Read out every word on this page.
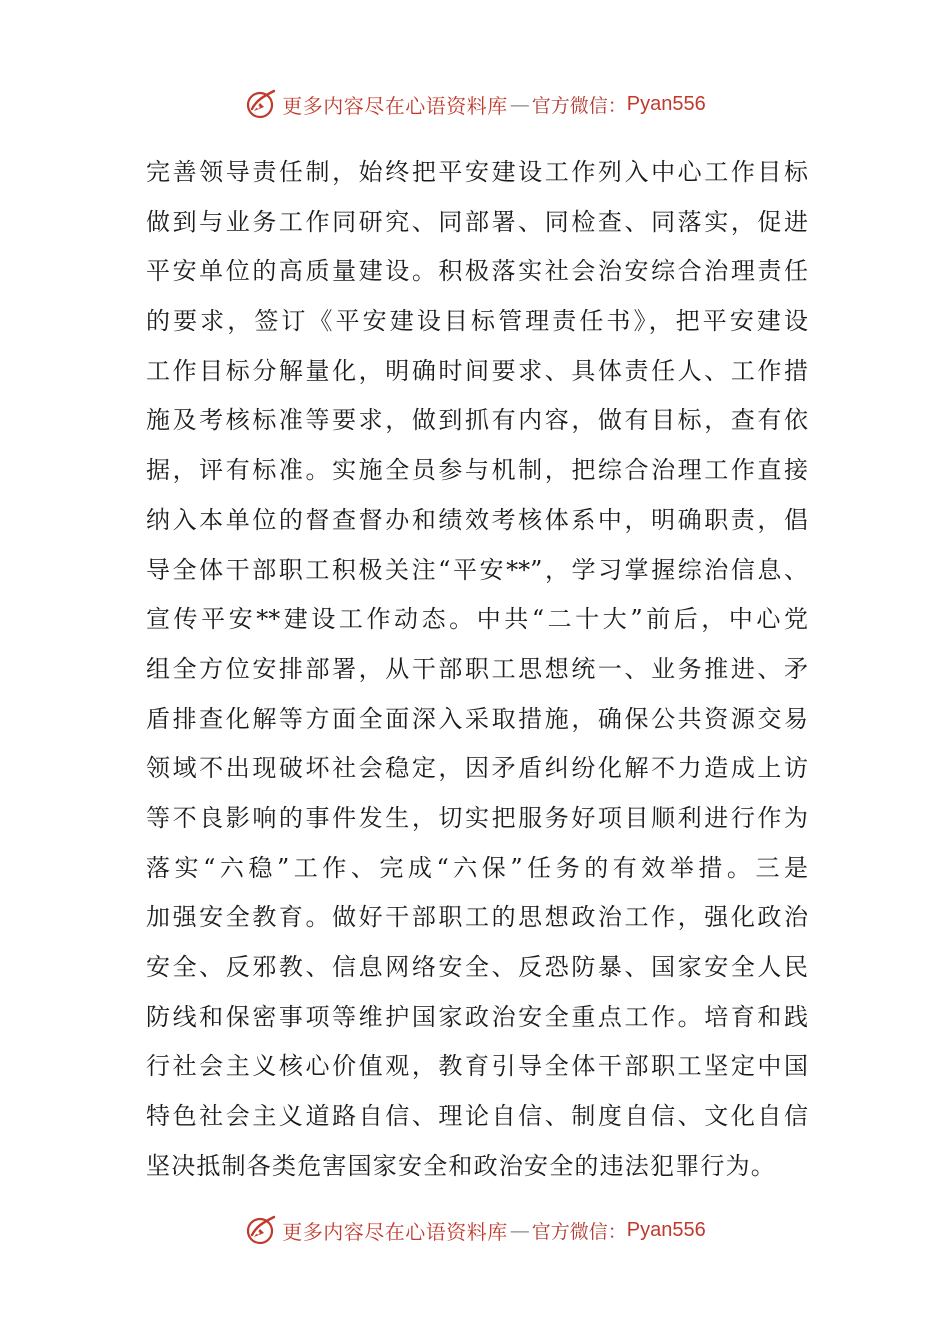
更多内容尽在心语资料库 — 官方微信： Pyan556
完善领导责任制，始终把平安建设工作列入中心工作目标
做到与业务工作同研究、同部署、同检查、同落实，促进
平安单位的高质量建设。积极落实社会治安综合治理责任
的要求，签订《平安建设目标管理责任书》，把平安建设
工作目标分解量化，明确时间要求、具体责任人、工作措
施及考核标准等要求，做到抓有内容，做有目标，查有依
据，评有标准。实施全员参与机制，把综合治理工作直接
纳入本单位的督查督办和绩效考核体系中，明确职责，倡
导全体干部职工积极关注“平安**”，学习掌握综治信息、
宣传平安**建设工作动态。中共“二十大”前后，中心党
组全方位安排部署，从干部职工思想统一、业务推进、矛
盾排查化解等方面全面深入采取措施，确保公共资源交易
领域不出现破坏社会稳定，因矛盾纠纷化解不力造成上访
等不良影响的事件发生，切实把服务好项目顺利进行作为
落实“六稳”工作、完成“六保”任务的有效举措。三是
加强安全教育。做好干部职工的思想政治工作，强化政治
安全、反邪教、信息网络安全、反恐防暴、国家安全人民
防线和保密事项等维护国家政治安全重点工作。培育和践
行社会主义核心价值观，教育引导全体干部职工坚定中国
特色社会主义道路自信、理论自信、制度自信、文化自信
坚决抵制各类危害国家安全和政治安全的违法犯罪行为。
更多内容尽在心语资料库 — 官方微信： Pyan556
